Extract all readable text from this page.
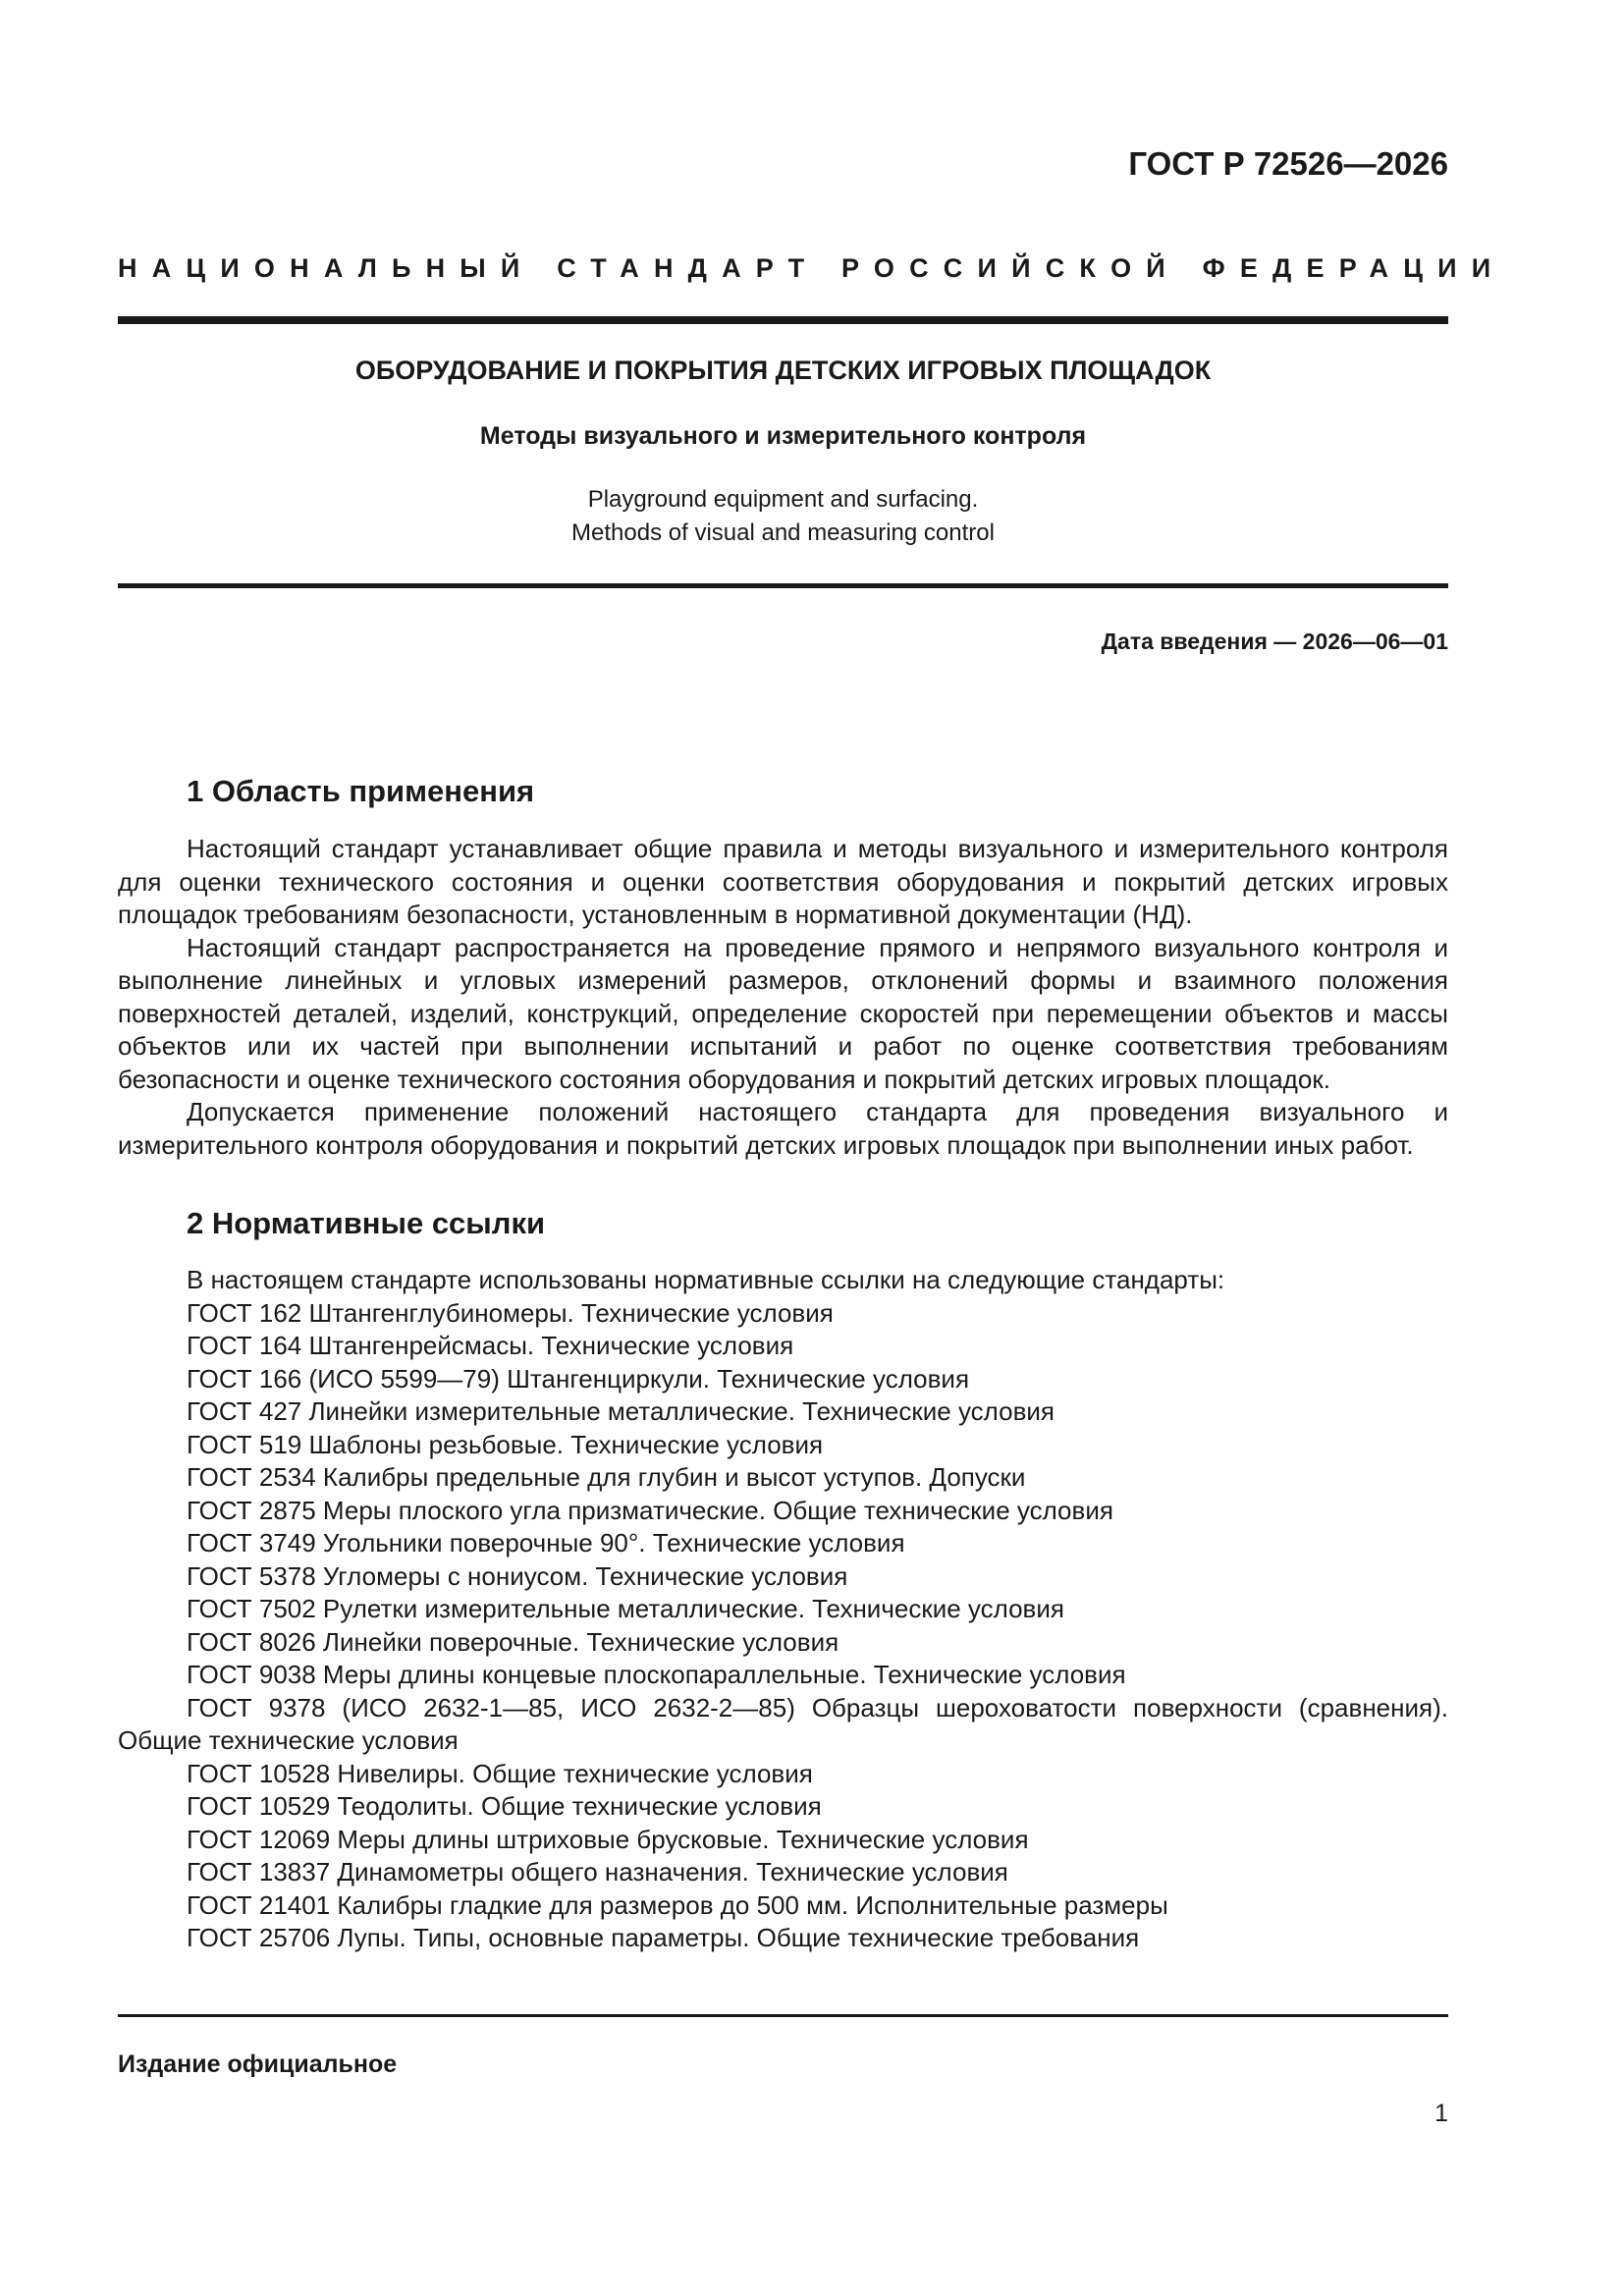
ГОСТ Р 72526—2026
НАЦИОНАЛЬНЫЙ СТАНДАРТ РОССИЙСКОЙ ФЕДЕРАЦИИ
ОБОРУДОВАНИЕ И ПОКРЫТИЯ ДЕТСКИХ ИГРОВЫХ ПЛОЩАДОК
Методы визуального и измерительного контроля
Playground equipment and surfacing.
Methods of visual and measuring control
Дата введения — 2026—06—01
1 Область применения

Настоящий стандарт устанавливает общие правила и методы визуального и измерительного контроля для оценки технического состояния и оценки соответствия оборудования и покрытий детских игровых площадок требованиям безопасности, установленным в нормативной документации (НД).

Настоящий стандарт распространяется на проведение прямого и непрямого визуального контроля и выполнение линейных и угловых измерений размеров, отклонений формы и взаимного положения поверхностей деталей, изделий, конструкций, определение скоростей при перемещении объектов и массы объектов или их частей при выполнении испытаний и работ по оценке соответствия требованиям безопасности и оценке технического состояния оборудования и покрытий детских игровых площадок.

Допускается применение положений настоящего стандарта для проведения визуального и измерительного контроля оборудования и покрытий детских игровых площадок при выполнении иных работ.

2 Нормативные ссылки
В настоящем стандарте использованы нормативные ссылки на следующие стандарты:
ГОСТ 162 Штангенглубиномеры. Технические условия
ГОСТ 164 Штангенрейсмасы. Технические условия
ГОСТ 166 (ИСО 5599—79) Штангенциркули. Технические условия
ГОСТ 427 Линейки измерительные металлические. Технические условия
ГОСТ 519 Шаблоны резьбовые. Технические условия
ГОСТ 2534 Калибры предельные для глубин и высот уступов. Допуски
ГОСТ 2875 Меры плоского угла призматические. Общие технические условия
ГОСТ 3749 Угольники поверочные 90°. Технические условия
ГОСТ 5378 Угломеры с нониусом. Технические условия
ГОСТ 7502 Рулетки измерительные металлические. Технические условия
ГОСТ 8026 Линейки поверочные. Технические условия
ГОСТ 9038 Меры длины концевые плоскопараллельные. Технические условия
ГОСТ 9378 (ИСО 2632-1—85, ИСО 2632-2—85) Образцы шероховатости поверхности (сравнения). Общие технические условия
ГОСТ 10528 Нивелиры. Общие технические условия
ГОСТ 10529 Теодолиты. Общие технические условия
ГОСТ 12069 Меры длины штриховые брусковые. Технические условия
ГОСТ 13837 Динамометры общего назначения. Технические условия
ГОСТ 21401 Калибры гладкие для размеров до 500 мм. Исполнительные размеры
ГОСТ 25706 Лупы. Типы, основные параметры. Общие технические требования
Издание официальное
1
